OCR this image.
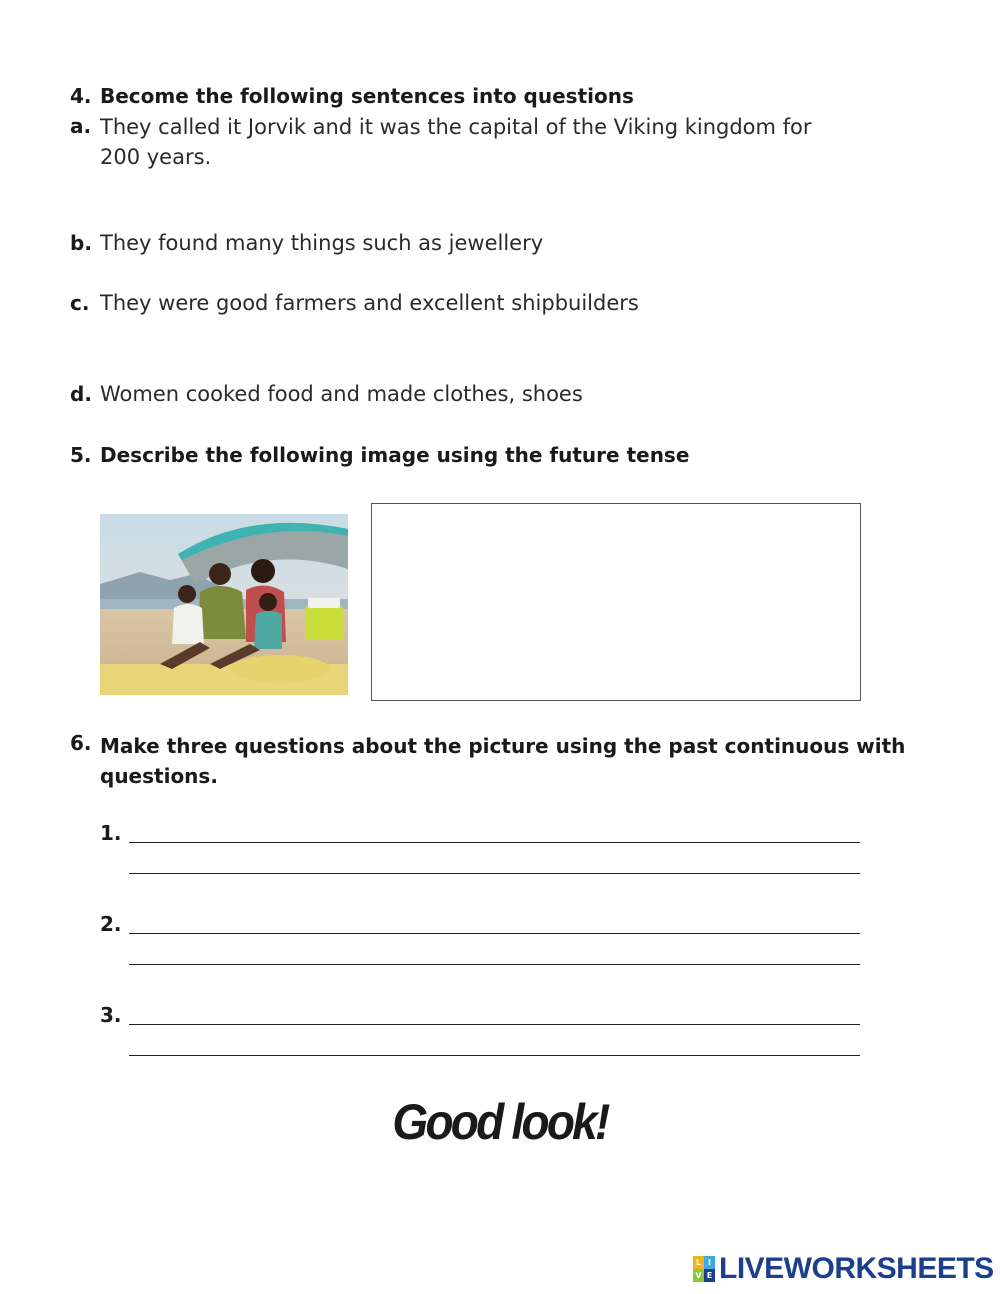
4. Become the following sentences into questions
a. They called it Jorvik and it was the capital of the Viking kingdom for
200 years.
b. They found many things such as jewellery
c. They were good farmers and excellent shipbuilders
d. Women cooked food and made clothes, shoes
5. Describe the following image using the future tense
6. Make three questions about the picture using the past continuous with
questions.
1.
2.
3.
Good look!
L I
V E LIVEWORKSHEETS
